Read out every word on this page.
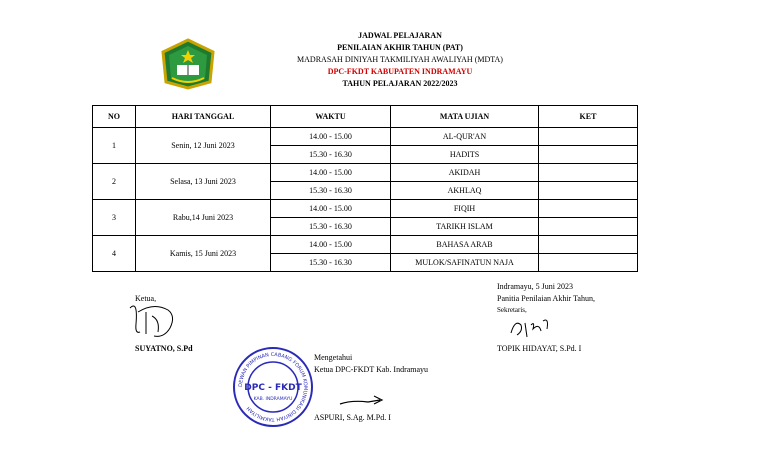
JADWAL PELAJARAN
PENILAIAN AKHIR TAHUN (PAT)
MADRASAH DINIYAH TAKMILIYAH AWALIYAH (MDTA)
DPC-FKDT KABUPATEN INDRAMAYU
TAHUN PELAJARAN 2022/2023
NO	HARI TANGGAL	WAKTU	MATA UJIAN	KET
1	Senin, 12 Juni 2023	14.00 - 15.00	AL-QUR'AN	
		15.30 - 16.30	HADITS	
2	Selasa, 13 Juni 2023	14.00 - 15.00	AKIDAH	
		15.30 - 16.30	AKHLAQ	
3	Rabu,14 Juni 2023	14.00 - 15.00	FIQIH	
		15.30 - 16.30	TARIKH ISLAM	
4	Kamis, 15 Juni 2023	14.00 - 15.00	BAHASA ARAB	
		15.30 - 16.30	MULOK/SAFINATUN NAJA	
Ketua,
SUYATNO, S.Pd
Indramayu, 5 Juni 2023
Panitia Penilaian Akhir Tahun,
Sekretaris,
TOPIK HIDAYAT, S.Pd. I
Mengetahui
Ketua DPC-FKDT Kab. Indramayu
DEWAN PIMPINAN CABANG FORUM KOMUNIKASI DINIYAH TAKMILIYAH
DPC - FKDT
KAB. INDRAMAYU
ASPURI, S.Ag. M.Pd. I
